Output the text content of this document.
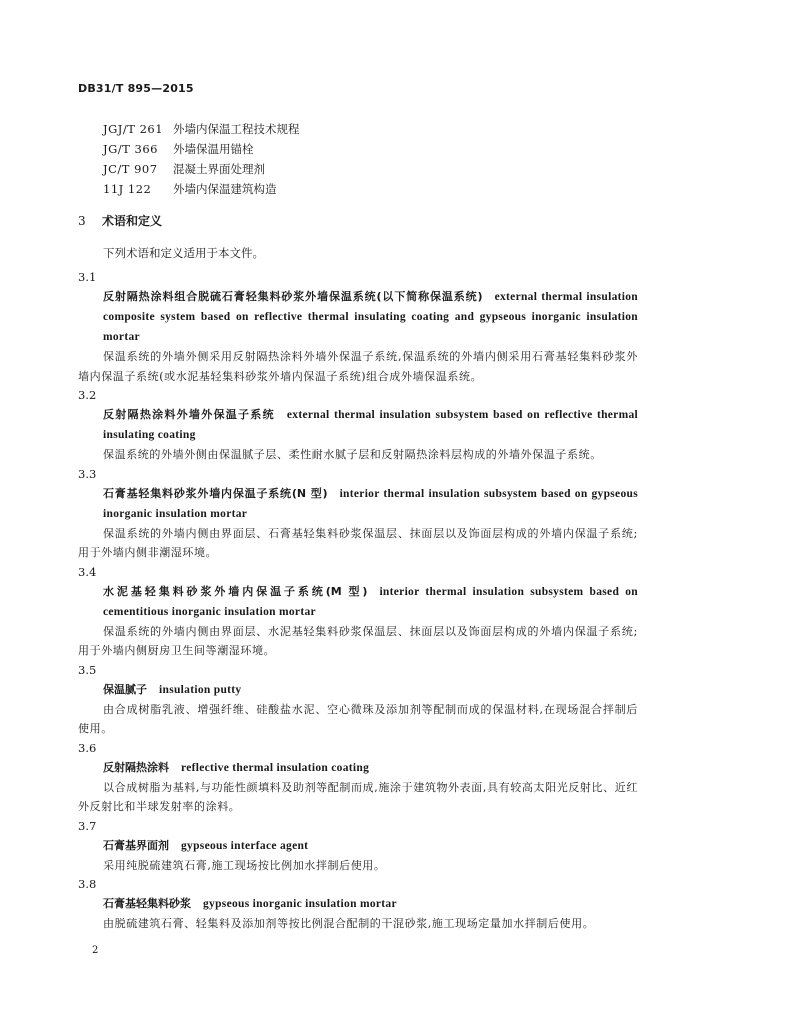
DB31/T 895—2015
JGJ/T 261 外墙内保温工程技术规程
JG/T 366 外墙保温用锚栓
JC/T 907 混凝土界面处理剂
11J 122 外墙内保温建筑构造
3 术语和定义
下列术语和定义适用于本文件。
3.1
反射隔热涂料组合脱硫石膏轻集料砂浆外墙保温系统(以下简称保温系统) external thermal insulation composite system based on reflective thermal insulating coating and gypseous inorganic insulation mortar
保温系统的外墙外侧采用反射隔热涂料外墙外保温子系统,保温系统的外墙内侧采用石膏基轻集料砂浆外墙内保温子系统(或水泥基轻集料砂浆外墙内保温子系统)组合成外墙保温系统。
3.2
反射隔热涂料外墙外保温子系统 external thermal insulation subsystem based on reflective thermal insulating coating
保温系统的外墙外侧由保温腻子层、柔性耐水腻子层和反射隔热涂料层构成的外墙外保温子系统。
3.3
石膏基轻集料砂浆外墙内保温子系统(N 型) interior thermal insulation subsystem based on gypseous inorganic insulation mortar
保温系统的外墙内侧由界面层、石膏基轻集料砂浆保温层、抹面层以及饰面层构成的外墙内保温子系统;用于外墙内侧非潮湿环境。
3.4
水泥基轻集料砂浆外墙内保温子系统(M 型) interior thermal insulation subsystem based on cementitious inorganic insulation mortar
保温系统的外墙内侧由界面层、水泥基轻集料砂浆保温层、抹面层以及饰面层构成的外墙内保温子系统;用于外墙内侧厨房卫生间等潮湿环境。
3.5
保温腻子 insulation putty
由合成树脂乳液、增强纤维、硅酸盐水泥、空心微珠及添加剂等配制而成的保温材料,在现场混合拌制后使用。
3.6
反射隔热涂料 reflective thermal insulation coating
以合成树脂为基料,与功能性颜填料及助剂等配制而成,施涂于建筑物外表面,具有较高太阳光反射比、近红外反射比和半球发射率的涂料。
3.7
石膏基界面剂 gypseous interface agent
采用纯脱硫建筑石膏,施工现场按比例加水拌制后使用。
3.8
石膏基轻集料砂浆 gypseous inorganic insulation mortar
由脱硫建筑石膏、轻集料及添加剂等按比例混合配制的干混砂浆,施工现场定量加水拌制后使用。
2
